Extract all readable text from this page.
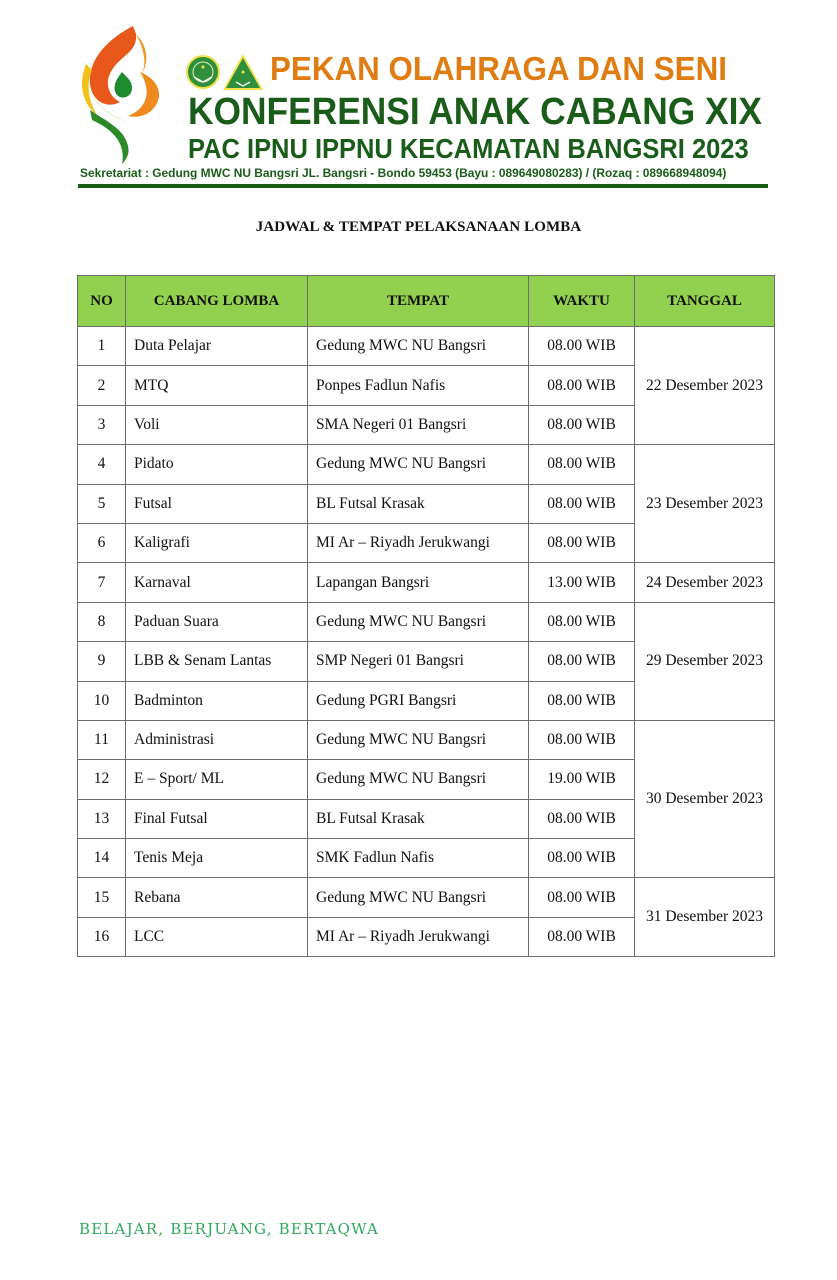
PEKAN OLAHRAGA DAN SENI
KONFERENSI ANAK CABANG XIX
PAC IPNU IPPNU KECAMATAN BANGSRI 2023
Sekretariat : Gedung MWC NU Bangsri JL. Bangsri - Bondo 59453 (Bayu : 089649080283) / (Rozaq : 089668948094)
JADWAL & TEMPAT PELAKSANAAN LOMBA
NO	CABANG LOMBA	TEMPAT	WAKTU	TANGGAL
1	Duta Pelajar	Gedung MWC NU Bangsri	08.00 WIB	22 Desember 2023
2	MTQ	Ponpes Fadlun Nafis	08.00 WIB	
3	Voli	SMA Negeri 01 Bangsri	08.00 WIB	
4	Pidato	Gedung MWC NU Bangsri	08.00 WIB	23 Desember 2023
5	Futsal	BL Futsal Krasak	08.00 WIB	
6	Kaligrafi	MI Ar – Riyadh Jerukwangi	08.00 WIB	
7	Karnaval	Lapangan Bangsri	13.00 WIB	24 Desember 2023
8	Paduan Suara	Gedung MWC NU Bangsri	08.00 WIB	29 Desember 2023
9	LBB & Senam Lantas	SMP Negeri 01 Bangsri	08.00 WIB	
10	Badminton	Gedung PGRI Bangsri	08.00 WIB	
11	Administrasi	Gedung MWC NU Bangsri	08.00 WIB	30 Desember 2023
12	E – Sport/ ML	Gedung MWC NU Bangsri	19.00 WIB	
13	Final Futsal	BL Futsal Krasak	08.00 WIB	
14	Tenis Meja	SMK Fadlun Nafis	08.00 WIB	
15	Rebana	Gedung MWC NU Bangsri	08.00 WIB	31 Desember 2023
16	LCC	MI Ar – Riyadh Jerukwangi	08.00 WIB	
BELAJAR, BERJUANG, BERTAQWA
